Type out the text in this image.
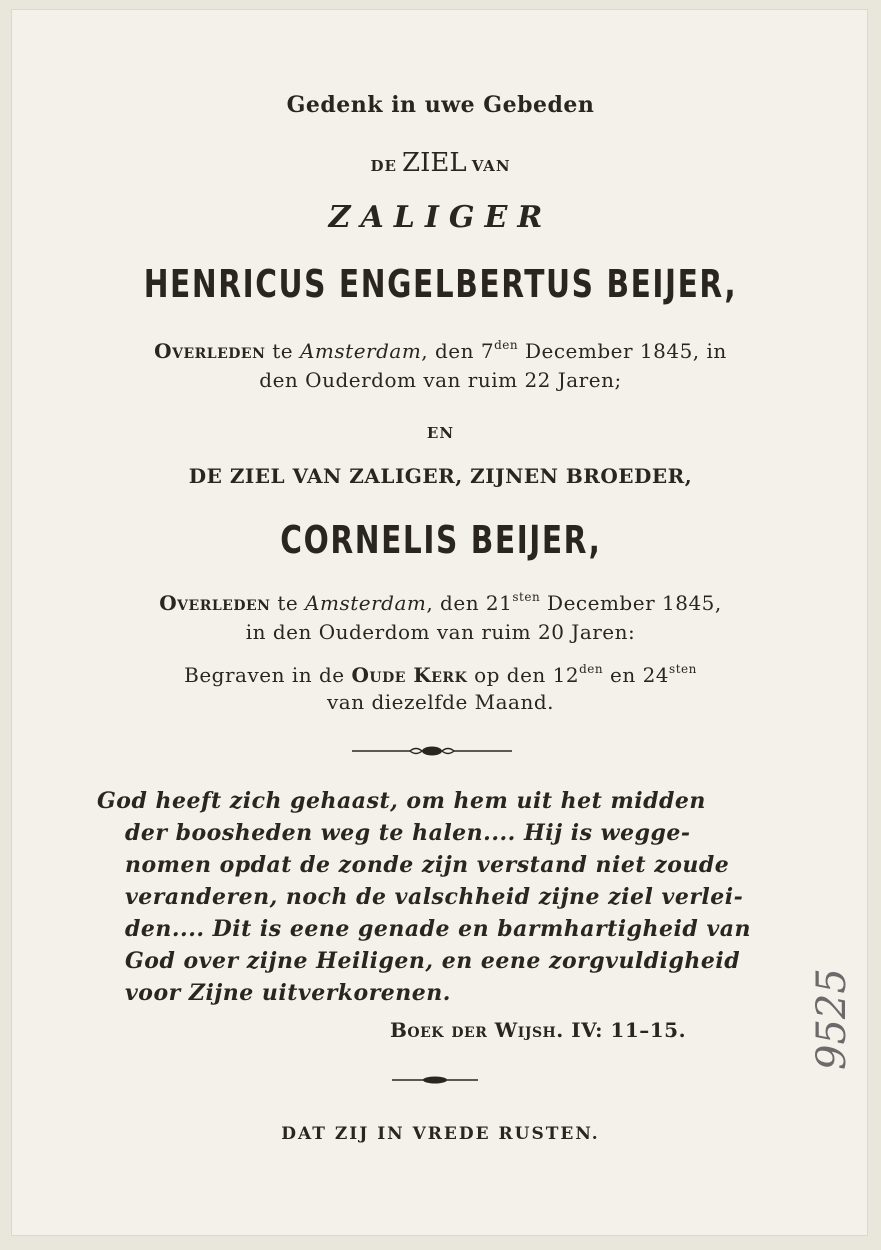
Gedenk in uwe Gebeden
DE ZIEL VAN
ZALIGER
HENRICUS ENGELBERTUS BEIJER,
Overleden te Amsterdam, den $7^{den}$ December 1845, in
den Ouderdom van ruim 22 Jaren;
EN
DE ZIEL VAN ZALIGER, ZIJNEN BROEDER,
CORNELIS BEIJER,
Overleden te Amsterdam, den $21^{sten}$ December 1845,
in den Ouderdom van ruim 20 Jaren:
Begraven in de Oude Kerk op den $12^{den}$ en $24^{sten}$
van diezelfde Maand.
God heeft zich gehaast, om hem uit het midden
der boosheden weg te halen.... Hij is wegge-
nomen opdat de zonde zijn verstand niet zoude
veranderen, noch de valschheid zijne ziel verlei-
den.... Dit is eene genade en barmhartigheid van
God over zijne Heiligen, en eene zorgvuldigheid
voor Zijne uitverkorenen.
Boek der Wijsh. IV: 11–15.
DAT ZIJ IN VREDE RUSTEN.
9525
